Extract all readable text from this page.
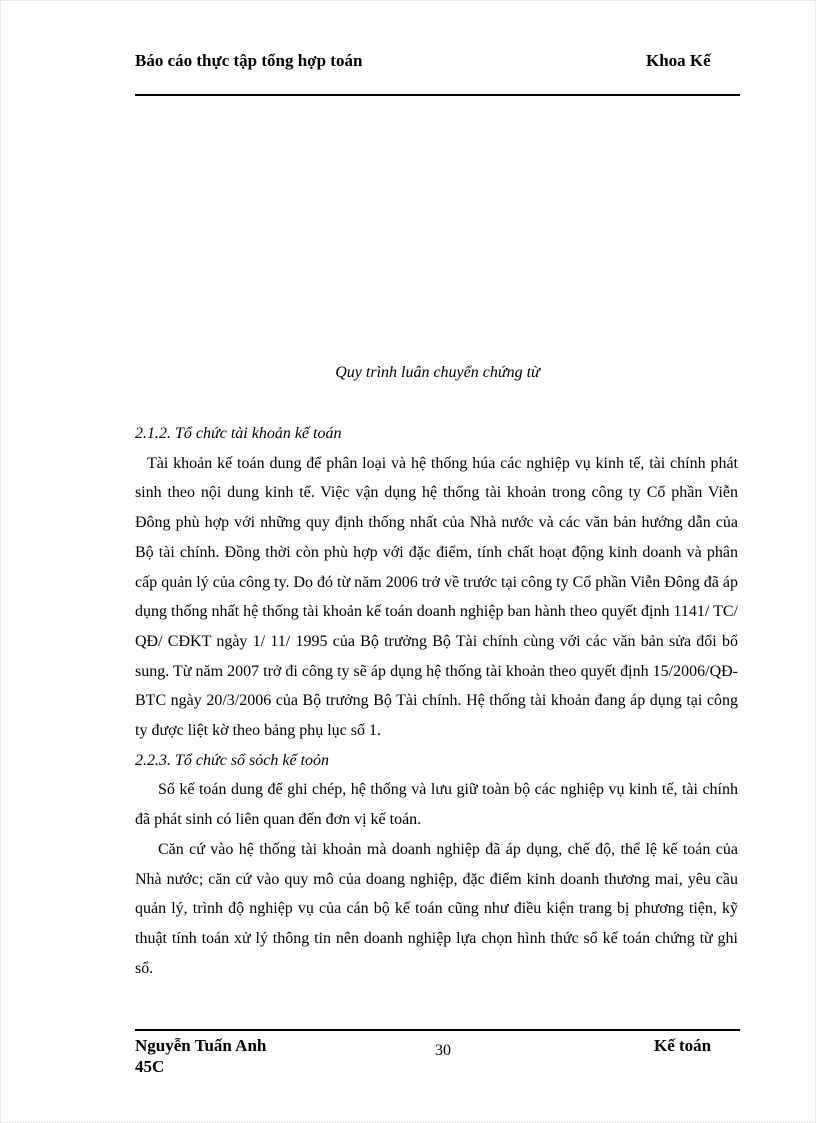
Báo cáo thực tập tổng hợp toán	Khoa Kế
Quy trình luân chuyển chứng từ
2.1.2. Tổ chức tài khoản kế toán
Tài khoản kế toán dung để phân loại và hệ thống húa các nghiệp vụ kinh tế, tài chính phát sinh theo nội dung kinh tế. Việc vận dụng hệ thống tài khoản trong công ty Cổ phần Viễn Đông phù hợp với những quy định thống nhất của Nhà nước và các văn bản hướng dẫn của Bộ tài chính. Đồng thời còn phù hợp với đặc điểm, tính chất hoạt động kinh doanh và phân cấp quản lý của công ty. Do đó từ năm 2006 trở về trước tại công ty Cổ phần Viễn Đông đã áp dụng thống nhất hệ thống tài khoản kế toán doanh nghiệp ban hành theo quyết định 1141/ TC/ QĐ/ CĐKT ngày 1/ 11/ 1995 của Bộ trưởng Bộ Tài chính cùng với các văn bản sửa đổi bổ sung. Từ năm 2007 trở đi công ty sẽ áp dụng hệ thống tài khoản theo quyết định 15/2006/QĐ-BTC ngày 20/3/2006 của Bộ trưởng Bộ Tài chính. Hệ thống tài khoản đang áp dụng tại công ty được liệt kờ theo bảng phụ lục số 1.
2.2.3. Tổ chức sổ sỏch kế toỏn
Sổ kế toán dung để ghi chép, hệ thống và lưu giữ toàn bộ các nghiệp vụ kinh tế, tài chính đã phát sinh có liên quan đến đơn vị kế toán.
Căn cứ vào hệ thống tài khoản mà doanh nghiệp đã áp dụng, chế độ, thể lệ kế toán của Nhà nước; căn cứ vào quy mô của doang nghiệp, đặc điểm kinh doanh thương mai, yêu cầu quản lý, trình độ nghiệp vụ của cán bộ kế toán cũng như điều kiện trang bị phương tiện, kỹ thuật tính toán xử lý thông tin nên doanh nghiệp lựa chọn hình thức sổ kế toán chứng từ ghi sổ.
Nguyễn Tuấn Anh 45C
30	Kế toán
